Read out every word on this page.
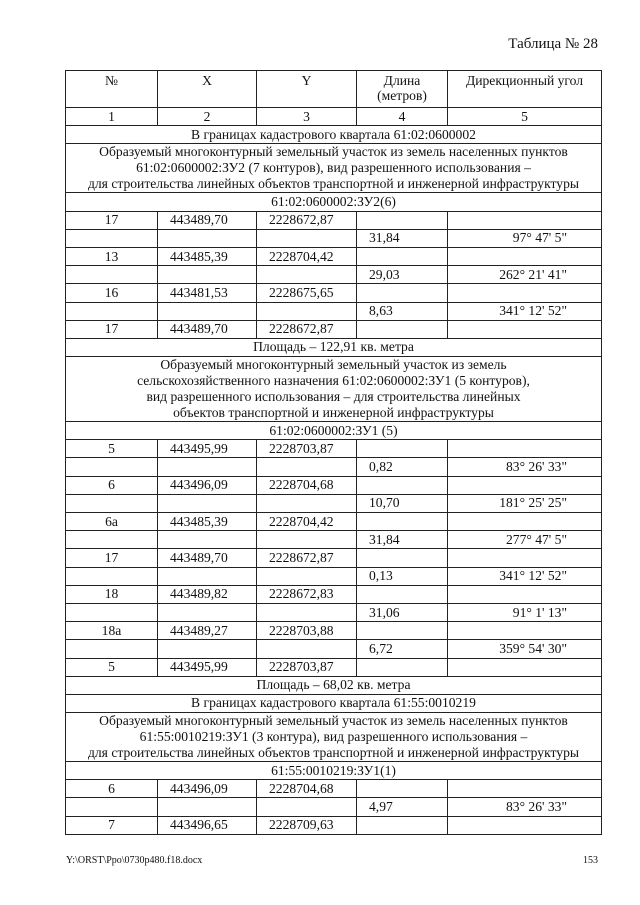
Таблица № 28
№	X	Y	Длина (метров)	Дирекционный угол
1	2	3	4	5
В границах кадастрового квартала 61:02:0600002				
Образуемый многоконтурный земельный участок из земель населенных пунктов
61:02:0600002:ЗУ2 (7 контуров), вид разрешенного использования –
для строительства линейных объектов транспортной и инженерной инфраструктуры				
61:02:0600002:ЗУ2(6)				
17	443489,70	2228672,87		
			31,84	97° 47' 5"
13	443485,39	2228704,42		
			29,03	262° 21' 41"
16	443481,53	2228675,65		
			8,63	341° 12' 52"
17	443489,70	2228672,87		
Площадь – 122,91 кв. метра				
Образуемый многоконтурный земельный участок из земель
сельскохозяйственного назначения 61:02:0600002:ЗУ1 (5 контуров),
вид разрешенного использования – для строительства линейных
объектов транспортной и инженерной инфраструктуры				
61:02:0600002:ЗУ1 (5)				
5	443495,99	2228703,87		
			0,82	83° 26' 33"
6	443496,09	2228704,68		
			10,70	181° 25' 25"
6а	443485,39	2228704,42		
			31,84	277° 47' 5"
17	443489,70	2228672,87		
			0,13	341° 12' 52"
18	443489,82	2228672,83		
			31,06	91° 1' 13"
18а	443489,27	2228703,88		
			6,72	359° 54' 30"
5	443495,99	2228703,87		
Площадь – 68,02 кв. метра				
В границах кадастрового квартала 61:55:0010219				
Образуемый многоконтурный земельный участок из земель населенных пунктов
61:55:0010219:ЗУ1 (3 контура), вид разрешенного использования –
для строительства линейных объектов транспортной и инженерной инфраструктуры				
61:55:0010219:ЗУ1(1)				
6	443496,09	2228704,68		
			4,97	83° 26' 33"
7	443496,65	2228709,63		
Y:\ORST\Ppo\0730p480.f18.docx	153
